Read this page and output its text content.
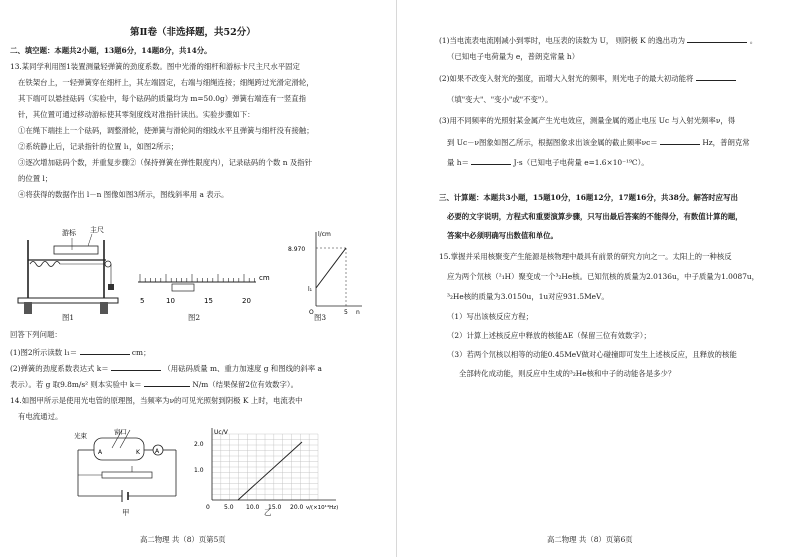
第Ⅱ卷（非选择题，共52分）
二、填空题：本题共2小题，13题6分，14题8分，共14分。
13.某同学利用图1装置测量轻弹簧的劲度系数。图中光滑的细杆和游标卡尺主尺水平固定
在铁架台上，一轻弹簧穿在细杆上，其左端固定，右端与细绳连接；细绳跨过光滑定滑轮，
其下端可以悬挂砝码（实验中，每个砝码的质量均为 m=50.0g）弹簧右端连有一竖直指
针，其位置可通过移动游标使其零刻度线对准指针读出。实验步骤如下：
①在绳下端挂上一个砝码，调整滑轮，使弹簧与滑轮间的细线水平且弹簧与细杆没有接触；
②系统静止后，记录指针的位置 l₁，如图2所示；
③逐次增加砝码个数，并重复步骤②（保持弹簧在弹性限度内），记录砝码的个数 n 及指针
的位置 l；
④将获得的数据作出 l－n 图像如图3所示，图线斜率用 a 表示。
游标 主尺
图1
5	10	15	20
cm
图2
l/cm
8.970
l₁
O	5 n
图3
回答下列问题：
(1)图2所示读数 l₁＝	cm；
(2)弹簧的劲度系数表达式 k＝	（用砝码质量 m、重力加速度 g 和图线的斜率 a
表示）。若 g 取9.8m/s² 则本实验中 k＝	N/m（结果保留2位有效数字）。
14.如图甲所示是使用光电管的原理图，当频率为ν的可见光照射到阴极 K 上时，电流表中
有电流通过。
窗口
光束
A	K	A
甲
Uc/V
2.0
1.0
0 5.0 10.0 15.0 20.0 ν/(×10¹⁴Hz)
乙
高二物理 共（8）页第5页
(1)当电流表电流刚减小到零时，电压表的读数为 U， 则阴极 K 的逸出功为	。
（已知电子电荷量为 e，普朗克常量 h）
(2)如果不改变入射光的强度，而增大入射光的频率，则光电子的最大初动能将
（填"变大"、"变小"或"不变"）。
(3)用不同频率的光照射某金属产生光电效应，测量金属的遏止电压 Uc 与入射光频率ν，得
到 Uc－ν图象如图乙所示，根据图象求出该金属的截止频率νc＝	Hz，普朗克常
量 h＝	J·s（已知电子电荷量 e=1.6×10⁻¹⁹C）。
三、计算题：本题共3小题，15题10分，16题12分，17题16分，共38分。解答时应写出
必要的文字说明，方程式和重要演算步骤，只写出最后答案的不能得分，有数值计算的题，
答案中必须明确写出数值和单位。
15.掌握并采用核聚变产生能源是核物理中最具有前景的研究方向之一。太阳上的一种核反
应为两个氘核（²₁H）聚变成一个³₂He核。已知氘核的质量为2.0136u，中子质量为1.0087u，
³₂He核的质量为3.0150u，1u对应931.5MeV。
（1）写出该核反应方程；
（2）计算上述核反应中释放的核能ΔE（保留三位有效数字）；
（3）若两个氘核以相等的动能0.45MeV做对心碰撞即可发生上述核反应，且释放的核能
全部转化成动能，则反应中生成的³₂He核和中子的动能各是多少？
高二物理 共（8）页第6页
